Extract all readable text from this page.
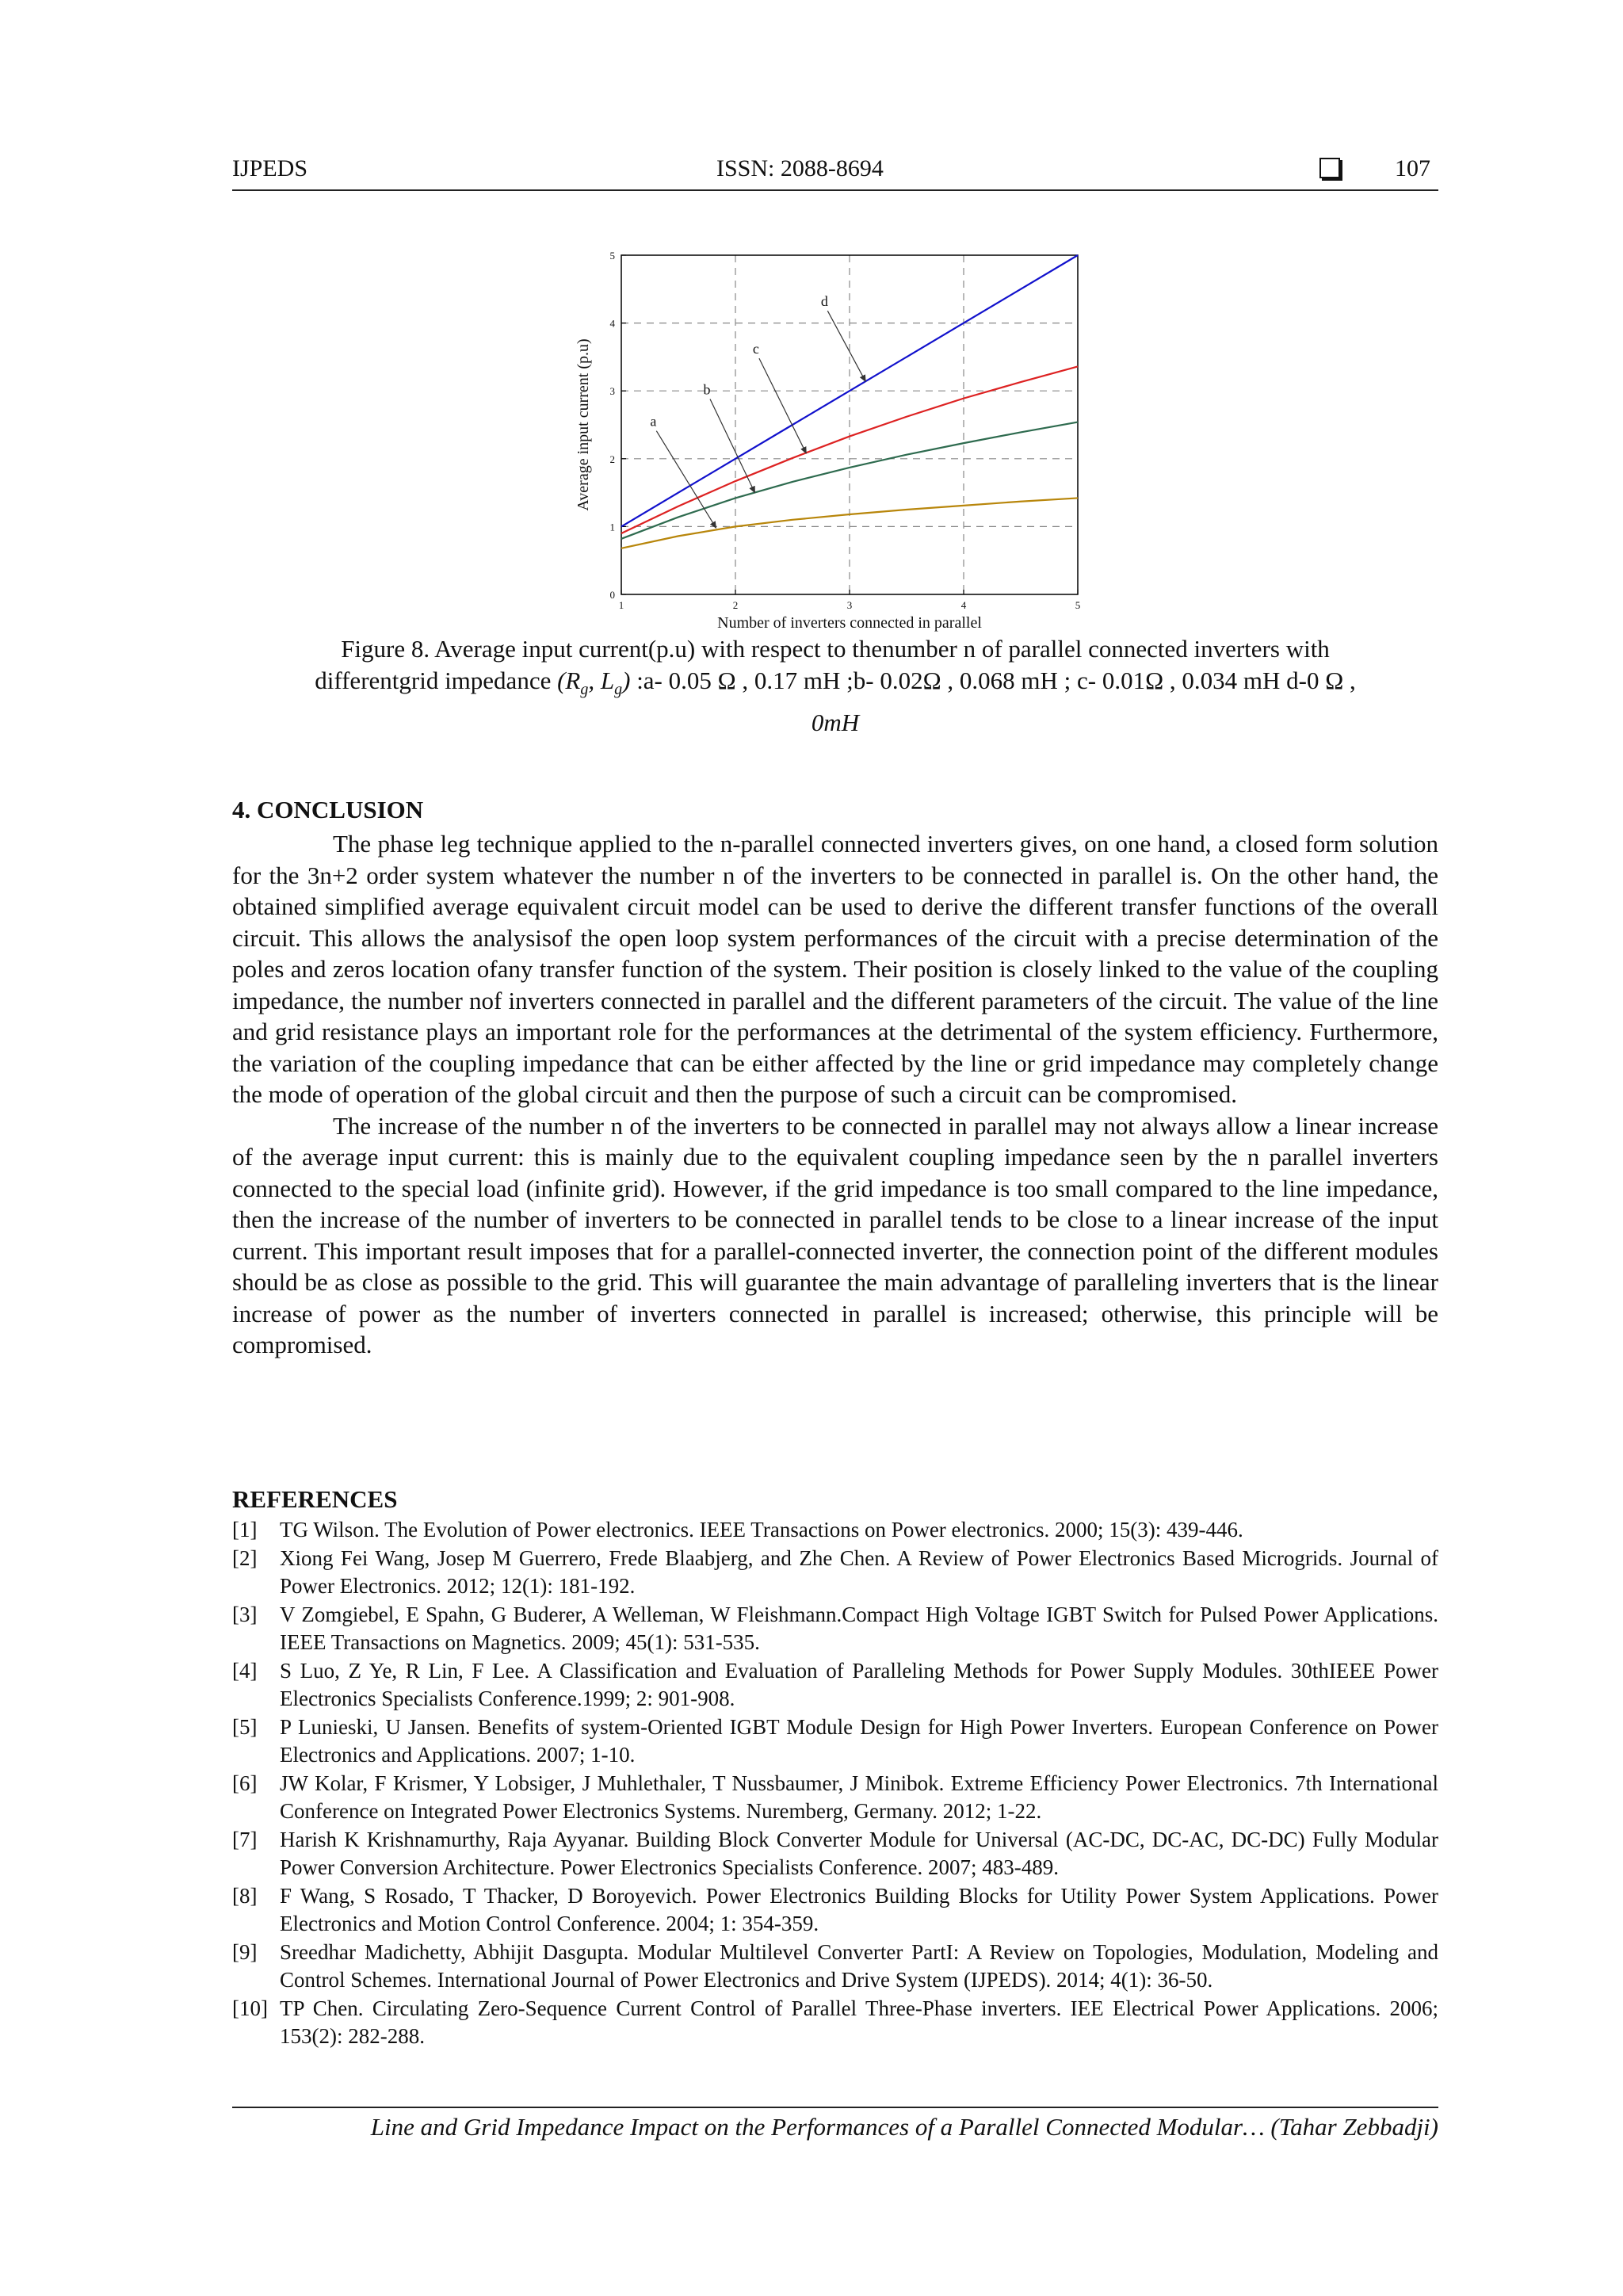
IJPEDS	ISSN: 2088-8694	107
1	2	3	4	5
0
1
2
3
4
5
a
b
c
d
Number of inverters connected in parallel
Average input current (p.u)
Figure 8. Average input current(p.u) with respect to thenumber n of parallel connected inverters with
differentgrid impedance ($R_g$, $L_g$) :a- 0.05 Ω , 0.17 mH ;b- 0.02Ω , 0.068 mH ; c- 0.01Ω , 0.034 mH d-0 Ω ,
0mH
4. CONCLUSION

The phase leg technique applied to the n-parallel connected inverters gives, on one hand, a closed form solution for the 3n+2 order system whatever the number n of the inverters to be connected in parallel is. On the other hand, the obtained simplified average equivalent circuit model can be used to derive the different transfer functions of the overall circuit. This allows the analysisof the open loop system performances of the circuit with a precise determination of the poles and zeros location ofany transfer function of the system. Their position is closely linked to the value of the coupling impedance, the number nof inverters connected in parallel and the different parameters of the circuit. The value of the line and grid resistance plays an important role for the performances at the detrimental of the system efficiency. Furthermore, the variation of the coupling impedance that can be either affected by the line or grid impedance may completely change the mode of operation of the global circuit and then the purpose of such a circuit can be compromised.

The increase of the number n of the inverters to be connected in parallel may not always allow a linear increase of the average input current: this is mainly due to the equivalent coupling impedance seen by the n parallel inverters connected to the special load (infinite grid). However, if the grid impedance is too small compared to the line impedance, then the increase of the number of inverters to be connected in parallel tends to be close to a linear increase of the input current. This important result imposes that for a parallel-connected inverter, the connection point of the different modules should be as close as possible to the grid. This will guarantee the main advantage of paralleling inverters that is the linear increase of power as the number of inverters connected in parallel is increased; otherwise, this principle will be compromised.

REFERENCES
[1]	TG Wilson. The Evolution of Power electronics. IEEE Transactions on Power electronics. 2000; 15(3): 439-446.
[2]	Xiong Fei Wang, Josep M Guerrero, Frede Blaabjerg, and Zhe Chen. A Review of Power Electronics Based Microgrids. Journal of Power Electronics. 2012; 12(1): 181-192.
[3]	V Zomgiebel, E Spahn, G Buderer, A Welleman, W Fleishmann.Compact High Voltage IGBT Switch for Pulsed Power Applications. IEEE Transactions on Magnetics. 2009; 45(1): 531-535.
[4]	S Luo, Z Ye, R Lin, F Lee. A Classification and Evaluation of Paralleling Methods for Power Supply Modules. 30thIEEE Power Electronics Specialists Conference.1999; 2: 901-908.
[5]	P Lunieski, U Jansen. Benefits of system-Oriented IGBT Module Design for High Power Inverters. European Conference on Power Electronics and Applications. 2007; 1-10.
[6]	JW Kolar, F Krismer, Y Lobsiger, J Muhlethaler, T Nussbaumer, J Minibok. Extreme Efficiency Power Electronics. 7th International Conference on Integrated Power Electronics Systems. Nuremberg, Germany. 2012; 1-22.
[7]	Harish K Krishnamurthy, Raja Ayyanar. Building Block Converter Module for Universal (AC-DC, DC-AC, DC-DC) Fully Modular Power Conversion Architecture. Power Electronics Specialists Conference. 2007; 483-489.
[8]	F Wang, S Rosado, T Thacker, D Boroyevich. Power Electronics Building Blocks for Utility Power System Applications. Power Electronics and Motion Control Conference. 2004; 1: 354-359.
[9]	Sreedhar Madichetty, Abhijit Dasgupta. Modular Multilevel Converter PartI: A Review on Topologies, Modulation, Modeling and Control Schemes. International Journal of Power Electronics and Drive System (IJPEDS). 2014; 4(1): 36-50.
[10] TP Chen. Circulating Zero-Sequence Current Control of Parallel Three-Phase inverters. IEE Electrical Power Applications. 2006; 153(2): 282-288.
Line and Grid Impedance Impact on the Performances of a Parallel Connected Modular… (Tahar Zebbadji)
